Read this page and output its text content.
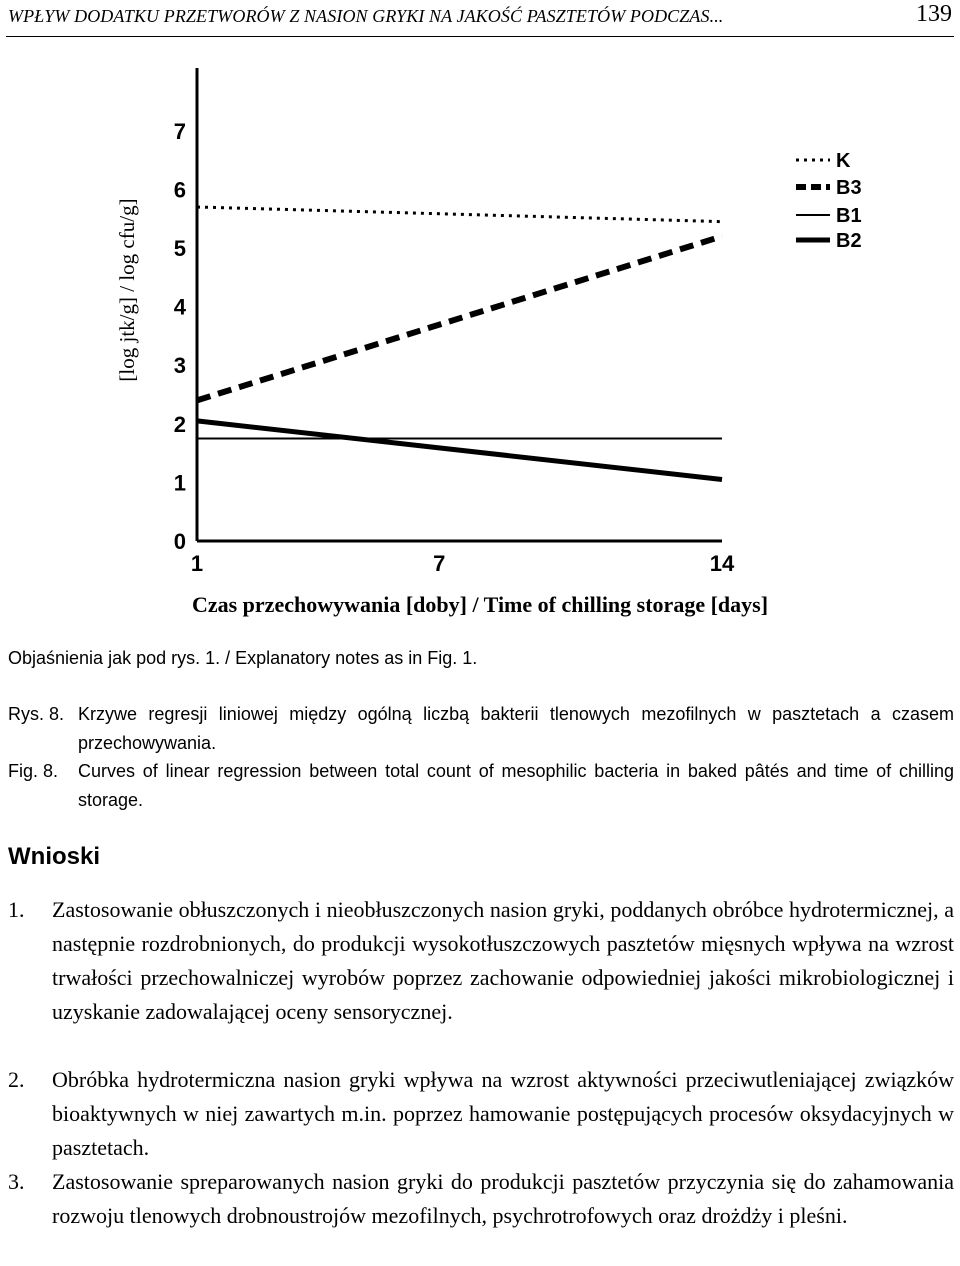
WPŁYW DODATKU PRZETWORÓW Z NASION GRYKI NA JAKOŚĆ PASZTETÓW PODCZAS...	139
[log jtk/g] / log cfu/g]
0
1
2
3
4
5
6
7
1	7	14
K
B3
B1
B2
Czas przechowywania [doby] / Time of chilling storage [days]
Objaśnienia jak pod rys. 1. / Explanatory notes as in Fig. 1.
Rys. 8. Krzywe regresji liniowej między ogólną liczbą bakterii tlenowych mezofilnych w pasztetach a czasem przechowywania.
Fig. 8. Curves of linear regression between total count of mesophilic bacteria in baked pâtés and time of chilling storage.
Wnioski
1. Zastosowanie obłuszczonych i nieobłuszczonych nasion gryki, poddanych obróbce hydrotermicznej, a następnie rozdrobnionych, do produkcji wysokotłuszczowych pasztetów mięsnych wpływa na wzrost trwałości przechowalniczej wyrobów poprzez zachowanie odpowiedniej jakości mikrobiologicznej i uzyskanie zadowalającej oceny sensorycznej.
2. Obróbka hydrotermiczna nasion gryki wpływa na wzrost aktywności przeciwutleniającej związków bioaktywnych w niej zawartych m.in. poprzez hamowanie postępujących procesów oksydacyjnych w pasztetach.
3. Zastosowanie spreparowanych nasion gryki do produkcji pasztetów przyczynia się do zahamowania rozwoju tlenowych drobnoustrojów mezofilnych, psychrotrofowych oraz drożdży i pleśni.
